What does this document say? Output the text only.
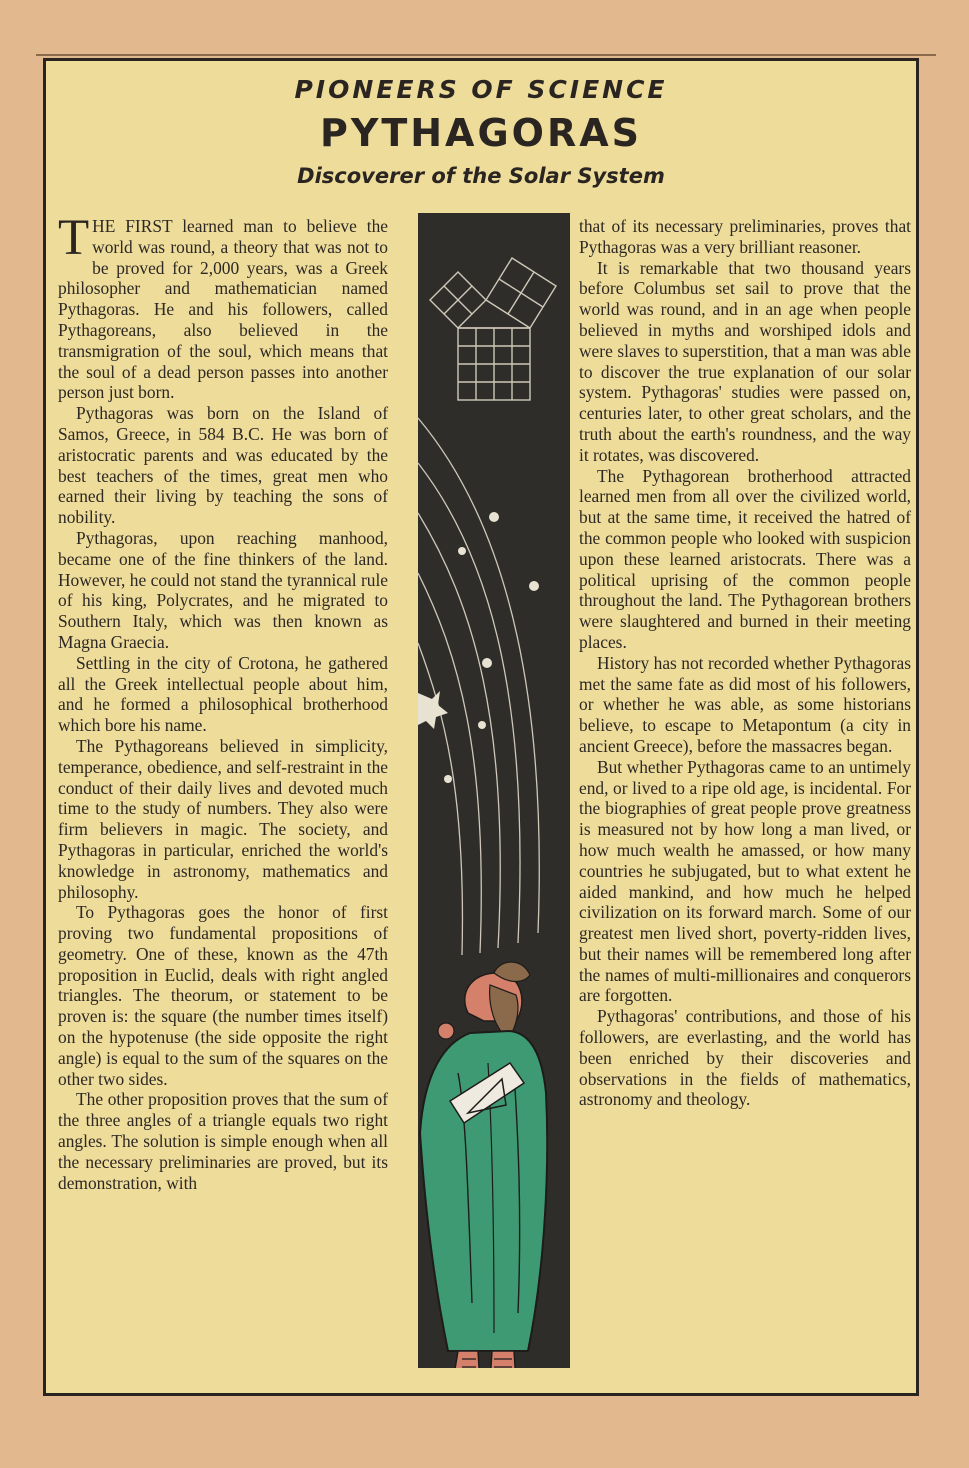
PIONEERS OF SCIENCE
PYTHAGORAS
Discoverer of the Solar System

THE FIRST learned man to believe the world was round, a theory that was not to be proved for 2,000 years, was a Greek philosopher and mathematician named Pythagoras. He and his followers, called Pythagoreans, also believed in the transmigration of the soul, which means that the soul of a dead person passes into another person just born.

Pythagoras was born on the Island of Samos, Greece, in 584 B.C. He was born of aristocratic parents and was educated by the best teachers of the times, great men who earned their living by teaching the sons of nobility.

Pythagoras, upon reaching manhood, became one of the fine thinkers of the land. However, he could not stand the tyrannical rule of his king, Polycrates, and he migrated to Southern Italy, which was then known as Magna Graecia.

Settling in the city of Crotona, he gathered all the Greek intellectual people about him, and he formed a philosophical brotherhood which bore his name.

The Pythagoreans believed in simplicity, temperance, obedience, and self-restraint in the conduct of their daily lives and devoted much time to the study of numbers. They also were firm believers in magic. The society, and Pythagoras in particular, enriched the world's knowledge in astronomy, mathematics and philosophy.

To Pythagoras goes the honor of first proving two fundamental propositions of geometry. One of these, known as the 47th proposition in Euclid, deals with right angled triangles. The theorum, or statement to be proven is: the square (the number times itself) on the hypotenuse (the side opposite the right angle) is equal to the sum of the squares on the other two sides.

The other proposition proves that the sum of the three angles of a triangle equals two right angles. The solution is simple enough when all the necessary preliminaries are proved, but its demonstration, with

that of its necessary preliminaries, proves that Pythagoras was a very brilliant reasoner.

It is remarkable that two thousand years before Columbus set sail to prove that the world was round, and in an age when people believed in myths and worshiped idols and were slaves to superstition, that a man was able to discover the true explanation of our solar system. Pythagoras' studies were passed on, centuries later, to other great scholars, and the truth about the earth's roundness, and the way it rotates, was discovered.

The Pythagorean brotherhood attracted learned men from all over the civilized world, but at the same time, it received the hatred of the common people who looked with suspicion upon these learned aristocrats. There was a political uprising of the common people throughout the land. The Pythagorean brothers were slaughtered and burned in their meeting places.

History has not recorded whether Pythagoras met the same fate as did most of his followers, or whether he was able, as some historians believe, to escape to Metapontum (a city in ancient Greece), before the massacres began.

But whether Pythagoras came to an untimely end, or lived to a ripe old age, is incidental. For the biographies of great people prove greatness is measured not by how long a man lived, or how much wealth he amassed, or how many countries he subjugated, but to what extent he aided mankind, and how much he helped civilization on its forward march. Some of our greatest men lived short, poverty-ridden lives, but their names will be remembered long after the names of multi-millionaires and conquerors are forgotten.

Pythagoras' contributions, and those of his followers, are everlasting, and the world has been enriched by their discoveries and observations in the fields of mathematics, astronomy and theology.
